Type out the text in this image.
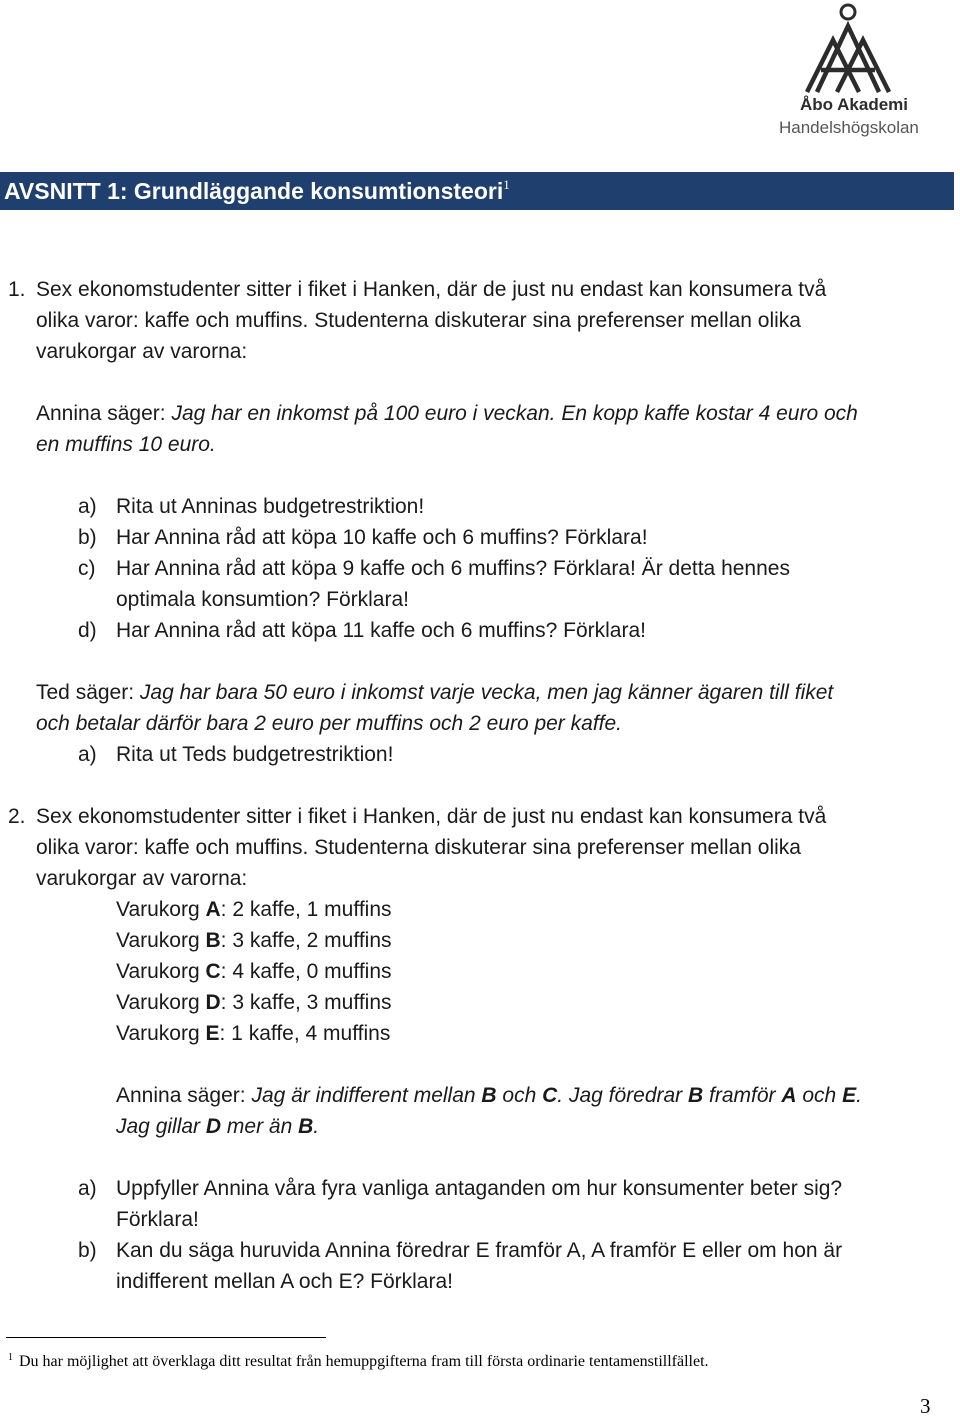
Åbo Akademi
Handelshögskolan
AVSNITT 1: Grundläggande konsumtionsteori$^1$
1. Sex ekonomstudenter sitter i fiket i Hanken, där de just nu endast kan konsumera två
olika varor: kaffe och muffins. Studenterna diskuterar sina preferenser mellan olika
varukorgar av varorna:
Annina säger: Jag har en inkomst på 100 euro i veckan. En kopp kaffe kostar 4 euro och
en muffins 10 euro.
a) Rita ut Anninas budgetrestriktion!
b) Har Annina råd att köpa 10 kaffe och 6 muffins? Förklara!
c) Har Annina råd att köpa 9 kaffe och 6 muffins? Förklara! Är detta hennes
optimala konsumtion? Förklara!
d) Har Annina råd att köpa 11 kaffe och 6 muffins? Förklara!
Ted säger: Jag har bara 50 euro i inkomst varje vecka, men jag känner ägaren till fiket
och betalar därför bara 2 euro per muffins och 2 euro per kaffe.
a) Rita ut Teds budgetrestriktion!
2. Sex ekonomstudenter sitter i fiket i Hanken, där de just nu endast kan konsumera två
olika varor: kaffe och muffins. Studenterna diskuterar sina preferenser mellan olika
varukorgar av varorna:
Varukorg A: 2 kaffe, 1 muffins
Varukorg B: 3 kaffe, 2 muffins
Varukorg C: 4 kaffe, 0 muffins
Varukorg D: 3 kaffe, 3 muffins
Varukorg E: 1 kaffe, 4 muffins
Annina säger: Jag är indifferent mellan B och C. Jag föredrar B framför A och E.
Jag gillar D mer än B.
a) Uppfyller Annina våra fyra vanliga antaganden om hur konsumenter beter sig?
Förklara!
b) Kan du säga huruvida Annina föredrar E framför A, A framför E eller om hon är
indifferent mellan A och E? Förklara!
$^1$ Du har möjlighet att överklaga ditt resultat från hemuppgifterna fram till första ordinarie tentamenstillfället.
3
